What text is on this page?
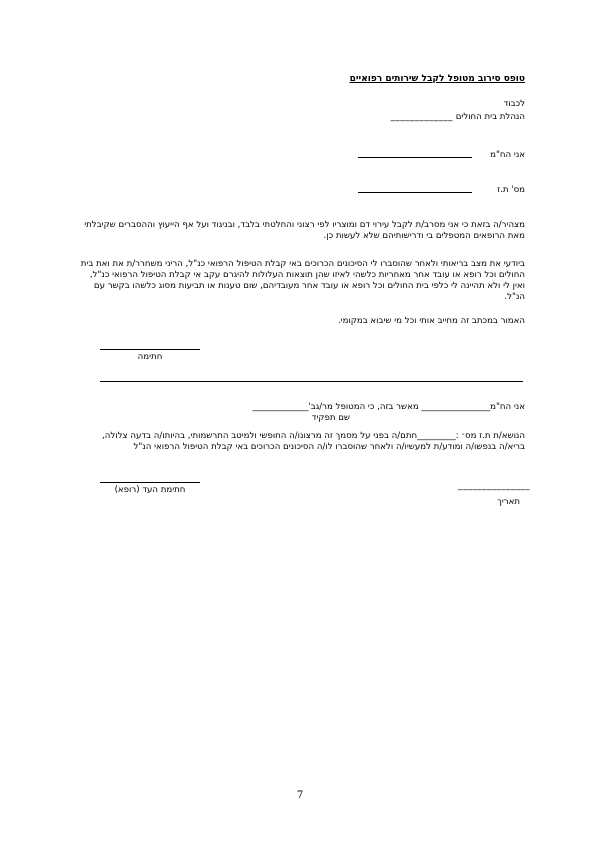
טופס סירוב מטופל לקבל שירותים רפואיים
לכבוד
הנהלת בית החולים _____________
אני הח"מ
מס' ת.ז
מצהיר/ה בזאת כי אני מסרב/ת לקבל עירוי דם ומוצריו לפי רצוני והחלטתי בלבד, ובניגוד ועל אף הייעוץ וההסברים שקיבלתי מאת הרופאים המטפלים בי ודרישותיהם שלא לעשות כן.
ביודעי את מצב בריאותי ולאחר שהוסברו לי הסיכונים הכרוכים באי קבלת הטיפול הרפואי כנ"ל, הריני משחרר/ת את ואת בית החולים וכל רופא או עובד אחר מאחריות כלשהי לאיזו שהן תוצאות העלולות להיגרם עקב אי קבלת הטיפול הרפואי כנ"ל, ואין לי ולא תהיינה לי כלפי בית החולים וכל רופא או עובד אחר מעובדיהם, שום טענות או תביעות מסוג כלשהו בקשר עם הנ"ל.
האמור במכתב זה מחייב אותי וכל מי שיבוא במקומי.
חתימה
אני הח"מ________________ מאשר בזה, כי המטופל מר/גב'_____________
שם תפקיד
הנושא/ת ת.ז מס׳ :_________חתם/ה בפני על מסמך זה מרצונו/ה החופשי ולמיטב התרשמותי, בהיותו/ה בדעה צלולה, בריא/ה בנפשו/ה ומודע/ת למעשיו/ה ולאחר שהוסברו לו/ה הסיכונים הכרוכים באי קבלת הטיפול הרפואי הנ"ל
חתימת העד (רופא)	_______________
תאריך
7
